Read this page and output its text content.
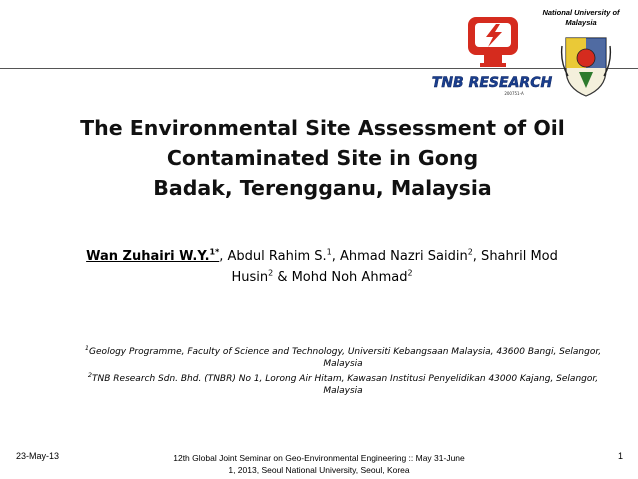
National University of
Malaysia
TNB RESEARCH
200751-A
The Environmental Site Assessment of Oil
Contaminated Site in Gong
Badak, Terengganu, Malaysia
Wan Zuhairi W.Y.$^{1*}$, Abdul Rahim S.$^1$, Ahmad Nazri Saidin$^2$, Shahril Mod Husin$^2$ & Mohd Noh Ahmad$^2$

$^1$Geology Programme, Faculty of Science and Technology, Universiti Kebangsaan Malaysia, 43600 Bangi, Selangor, Malaysia

$^2$TNB Research Sdn. Bhd. (TNBR) No 1, Lorong Air Hitam, Kawasan Institusi Penyelidikan 43000 Kajang, Selangor, Malaysia

23-May-13	12th Global Joint Seminar on Geo-Environmental Engineering :: May 31-June
1, 2013, Seoul National University, Seoul, Korea
1
